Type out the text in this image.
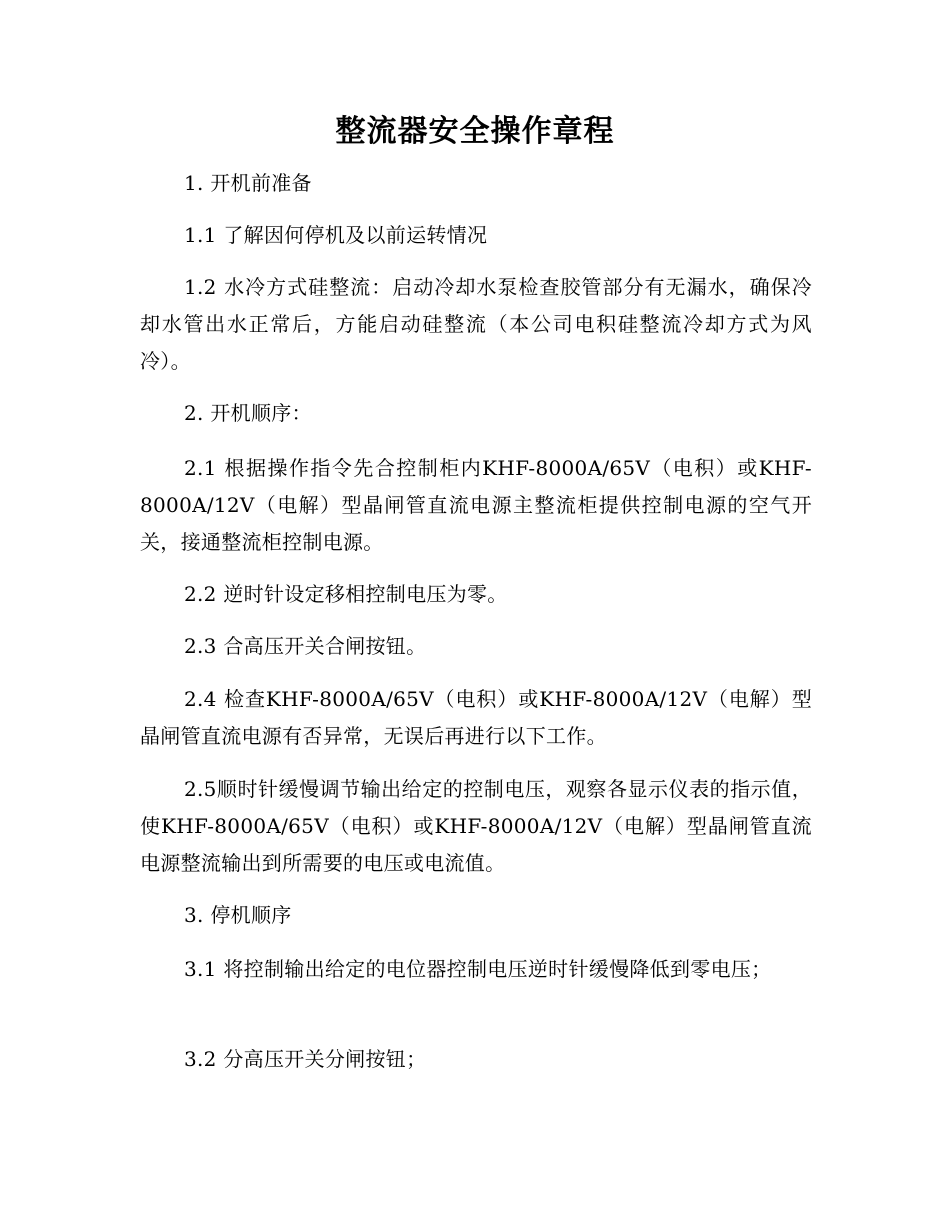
整流器安全操作章程

1. 开机前准备

1.1 了解因何停机及以前运转情况

1.2 水冷方式硅整流：启动冷却水泵检查胶管部分有无漏水，确保冷却水管出水正常后，方能启动硅整流（本公司电积硅整流冷却方式为风冷）。

2. 开机顺序：

2.1 根据操作指令先合控制柜内KHF-8000A/65V（电积）或KHF-8000A/12V（电解）型晶闸管直流电源主整流柜提供控制电源的空气开关，接通整流柜控制电源。

2.2 逆时针设定移相控制电压为零。

2.3 合高压开关合闸按钮。

2.4 检查KHF-8000A/65V（电积）或KHF-8000A/12V（电解）型晶闸管直流电源有否异常，无误后再进行以下工作。

2.5顺时针缓慢调节输出给定的控制电压，观察各显示仪表的指示值，使KHF-8000A/65V（电积）或KHF-8000A/12V（电解）型晶闸管直流电源整流输出到所需要的电压或电流值。

3. 停机顺序

3.1 将控制输出给定的电位器控制电压逆时针缓慢降低到零电压；

3.2 分高压开关分闸按钮；
